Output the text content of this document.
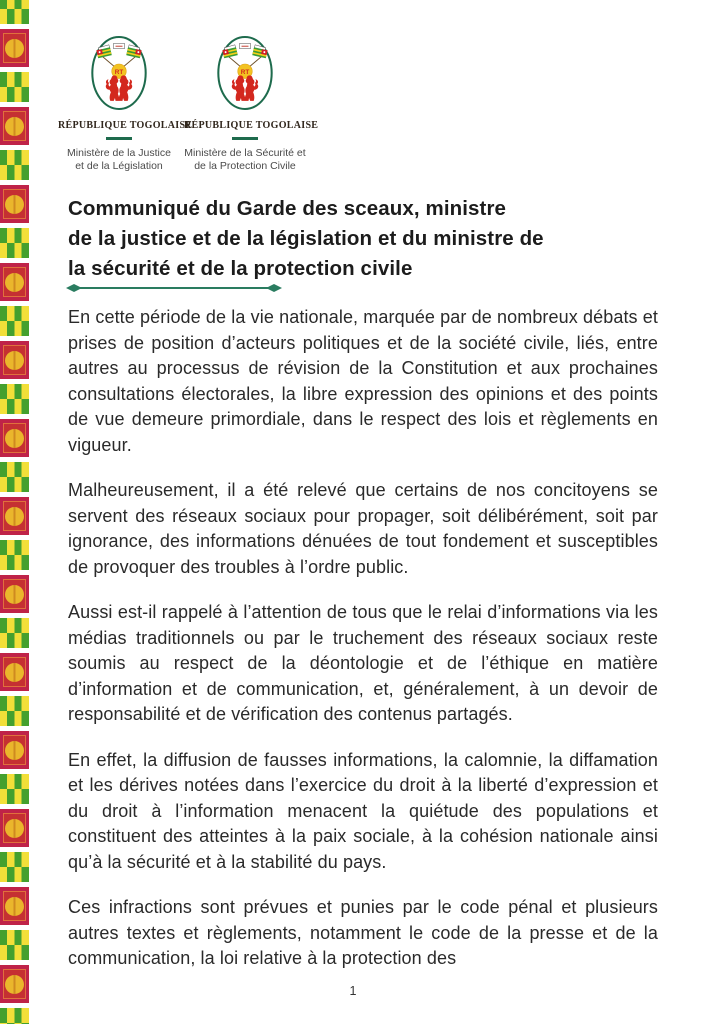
RT
RÉPUBLIQUE TOGOLAISE
Ministère de la Justice
et de la Législation
RT
RÉPUBLIQUE TOGOLAISE
Ministère de la Sécurité et
de la Protection Civile
Communiqué du Garde des sceaux, ministre
de la justice et de la législation et du ministre de
la sécurité et de la protection civile

En cette période de la vie nationale, marquée par de nombreux débats et prises de position d’acteurs politiques et de la société civile, liés, entre autres au processus de révision de la Constitution et aux prochaines consultations électorales, la libre expression des opinions et des points de vue demeure primordiale, dans le respect des lois et règlements en vigueur.

Malheureusement, il a été relevé que certains de nos concitoyens se servent des réseaux sociaux pour propager, soit délibérément, soit par ignorance, des informations dénuées de tout fondement et susceptibles de provoquer des troubles à l’ordre public.

Aussi est-il rappelé à l’attention de tous que le relai d’informations via les médias traditionnels ou par le truchement des réseaux sociaux reste soumis au respect de la déontologie et de l’éthique en matière d’information et de communication, et, généralement, à un devoir de responsabilité et de vérification des contenus partagés.

En effet, la diffusion de fausses informations, la calomnie, la diffamation et les dérives notées dans l’exercice du droit à la liberté d’expression et du droit à l’information menacent la quiétude des populations et constituent des atteintes à la paix sociale, à la cohésion nationale ainsi qu’à la sécurité et à la stabilité du pays.

Ces infractions sont prévues et punies par le code pénal et plusieurs autres textes et règlements, notamment le code de la presse et de la communication, la loi relative à la protection des

1
